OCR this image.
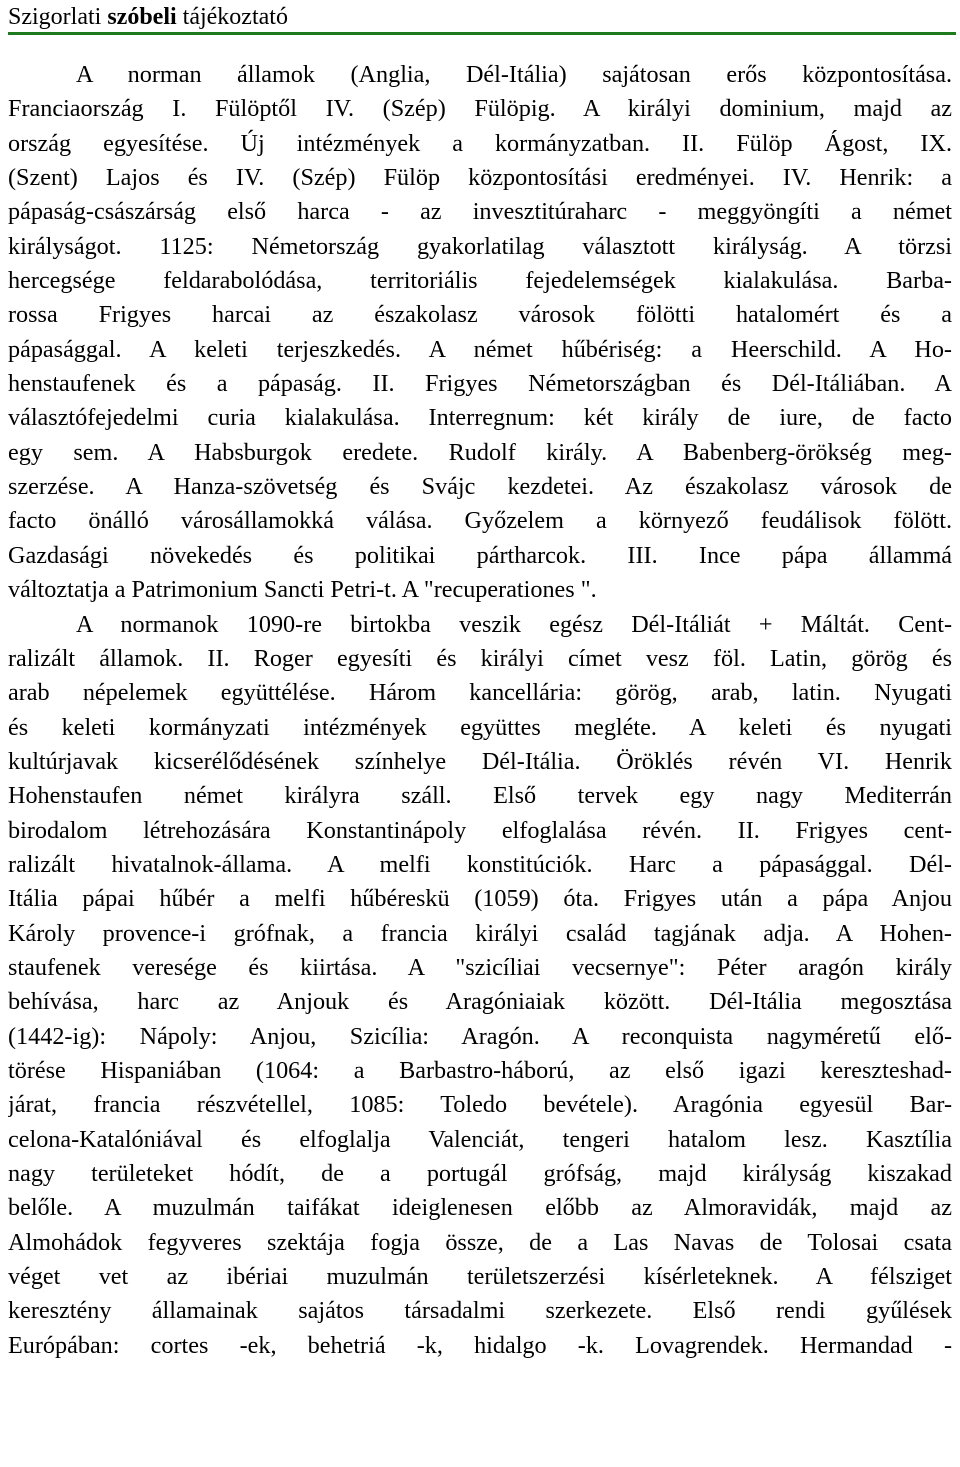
Szigorlati szóbeli tájékoztató
A norman államok (Anglia, Dél-Itália) sajátosan erős központosítása.
Franciaország I. Fülöptől IV. (Szép) Fülöpig. A királyi dominium, majd az
ország egyesítése. Új intézmények a kormányzatban. II. Fülöp Ágost, IX.
(Szent) Lajos és IV. (Szép) Fülöp központosítási eredményei. IV. Henrik: a
pápaság-császárság első harca - az invesztitúraharc - meggyöngíti a német
királyságot. 1125: Németország gyakorlatilag választott királyság. A törzsi
hercegsége feldarabolódása, territoriális fejedelemségek kialakulása. Barba-
rossa Frigyes harcai az északolasz városok fölötti hatalomért és a
pápasággal. A keleti terjeszkedés. A német hűbériség: a Heerschild. A Ho-
henstaufenek és a pápaság. II. Frigyes Németországban és Dél-Itáliában. A
választófejedelmi curia kialakulása. Interregnum: két király de iure, de facto
egy sem. A Habsburgok eredete. Rudolf király. A Babenberg-örökség meg-
szerzése. A Hanza-szövetség és Svájc kezdetei. Az északolasz városok de
facto önálló városállamokká válása. Győzelem a környező feudálisok fölött.
Gazdasági növekedés és politikai pártharcok. III. Ince pápa állammá
változtatja a Patrimonium Sancti Petri-t. A "recuperationes ".
A normanok 1090-re birtokba veszik egész Dél-Itáliát + Máltát. Cent-
ralizált államok. II. Roger egyesíti és királyi címet vesz föl. Latin, görög és
arab népelemek együttélése. Három kancellária: görög, arab, latin. Nyugati
és keleti kormányzati intézmények együttes megléte. A keleti és nyugati
kultúrjavak kicserélődésének színhelye Dél-Itália. Öröklés révén VI. Henrik
Hohenstaufen német királyra száll. Első tervek egy nagy Mediterrán
birodalom létrehozására Konstantinápoly elfoglalása révén. II. Frigyes cent-
ralizált hivatalnok-állama. A melfi konstitúciók. Harc a pápasággal. Dél-
Itália pápai hűbér a melfi hűbéreskü (1059) óta. Frigyes után a pápa Anjou
Károly provence-i grófnak, a francia királyi család tagjának adja. A Hohen-
staufenek veresége és kiirtása. A "szicíliai vecsernye": Péter aragón király
behívása, harc az Anjouk és Aragóniaiak között. Dél-Itália megosztása
(1442-ig): Nápoly: Anjou, Szicília: Aragón. A reconquista nagyméretű elő-
törése Hispaniában (1064: a Barbastro-háború, az első igazi kereszteshad-
járat, francia részvétellel, 1085: Toledo bevétele). Aragónia egyesül Bar-
celona-Katalóniával és elfoglalja Valenciát, tengeri hatalom lesz. Kasztília
nagy területeket hódít, de a portugál grófság, majd királyság kiszakad
belőle. A muzulmán taifákat ideiglenesen előbb az Almoravidák, majd az
Almohádok fegyveres szektája fogja össze, de a Las Navas de Tolosai csata
véget vet az ibériai muzulmán területszerzési kísérleteknek. A félsziget
keresztény államainak sajátos társadalmi szerkezete. Első rendi gyűlések
Európában: cortes -ek, behetriá -k, hidalgo -k. Lovagrendek. Hermandad -
